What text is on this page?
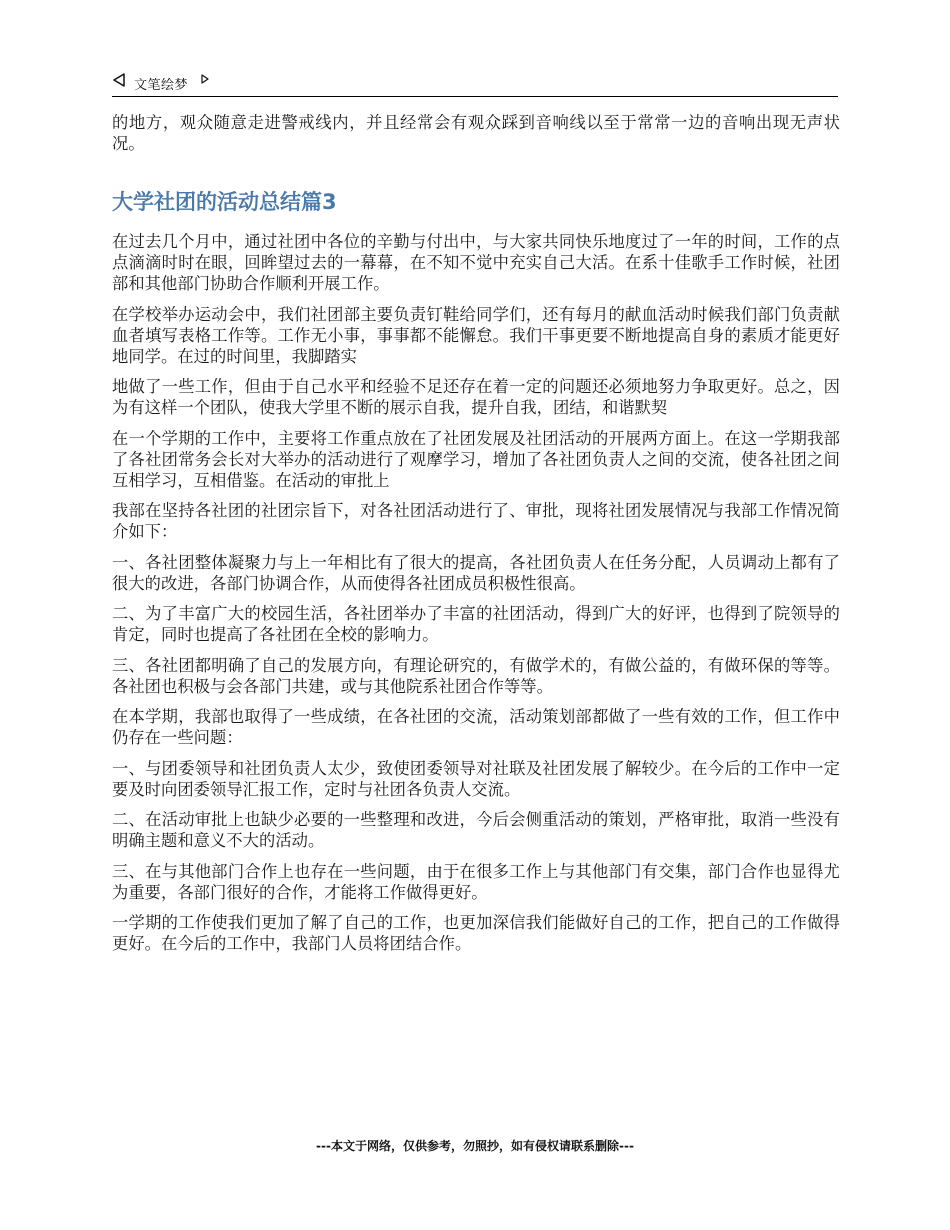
文笔绘梦

的地方，观众随意走进警戒线内，并且经常会有观众踩到音响线以至于常常一边的音响出现无声状况。

大学社团的活动总结篇3

在过去几个月中，通过社团中各位的辛勤与付出中，与大家共同快乐地度过了一年的时间，工作的点点滴滴时时在眼，回眸望过去的一幕幕，在不知不觉中充实自己大活。在系十佳歌手工作时候，社团部和其他部门协助合作顺利开展工作。

在学校举办运动会中，我们社团部主要负责钉鞋给同学们，还有每月的献血活动时候我们部门负责献血者填写表格工作等。工作无小事，事事都不能懈怠。我们干事更要不断地提高自身的素质才能更好地同学。在过的时间里，我脚踏实

地做了一些工作，但由于自己水平和经验不足还存在着一定的问题还必须地努力争取更好。总之，因为有这样一个团队，使我大学里不断的展示自我，提升自我，团结，和谐默契

在一个学期的工作中，主要将工作重点放在了社团发展及社团活动的开展两方面上。在这一学期我部了各社团常务会长对大举办的活动进行了观摩学习，增加了各社团负责人之间的交流，使各社团之间互相学习，互相借鉴。在活动的审批上

我部在坚持各社团的社团宗旨下，对各社团活动进行了、审批，现将社团发展情况与我部工作情况简介如下：

一、各社团整体凝聚力与上一年相比有了很大的提高，各社团负责人在任务分配，人员调动上都有了很大的改进，各部门协调合作，从而使得各社团成员积极性很高。

二、为了丰富广大的校园生活，各社团举办了丰富的社团活动，得到广大的好评，也得到了院领导的肯定，同时也提高了各社团在全校的影响力。

三、各社团都明确了自己的发展方向，有理论研究的，有做学术的，有做公益的，有做环保的等等。各社团也积极与会各部门共建，或与其他院系社团合作等等。

在本学期，我部也取得了一些成绩，在各社团的交流，活动策划部都做了一些有效的工作，但工作中仍存在一些问题：

一、与团委领导和社团负责人太少，致使团委领导对社联及社团发展了解较少。在今后的工作中一定要及时向团委领导汇报工作，定时与社团各负责人交流。

二、在活动审批上也缺少必要的一些整理和改进，今后会侧重活动的策划，严格审批，取消一些没有明确主题和意义不大的活动。

三、在与其他部门合作上也存在一些问题，由于在很多工作上与其他部门有交集，部门合作也显得尤为重要，各部门很好的合作，才能将工作做得更好。

一学期的工作使我们更加了解了自己的工作，也更加深信我们能做好自己的工作，把自己的工作做得更好。在今后的工作中，我部门人员将团结合作。

---本文于网络，仅供参考，勿照抄，如有侵权请联系删除---
